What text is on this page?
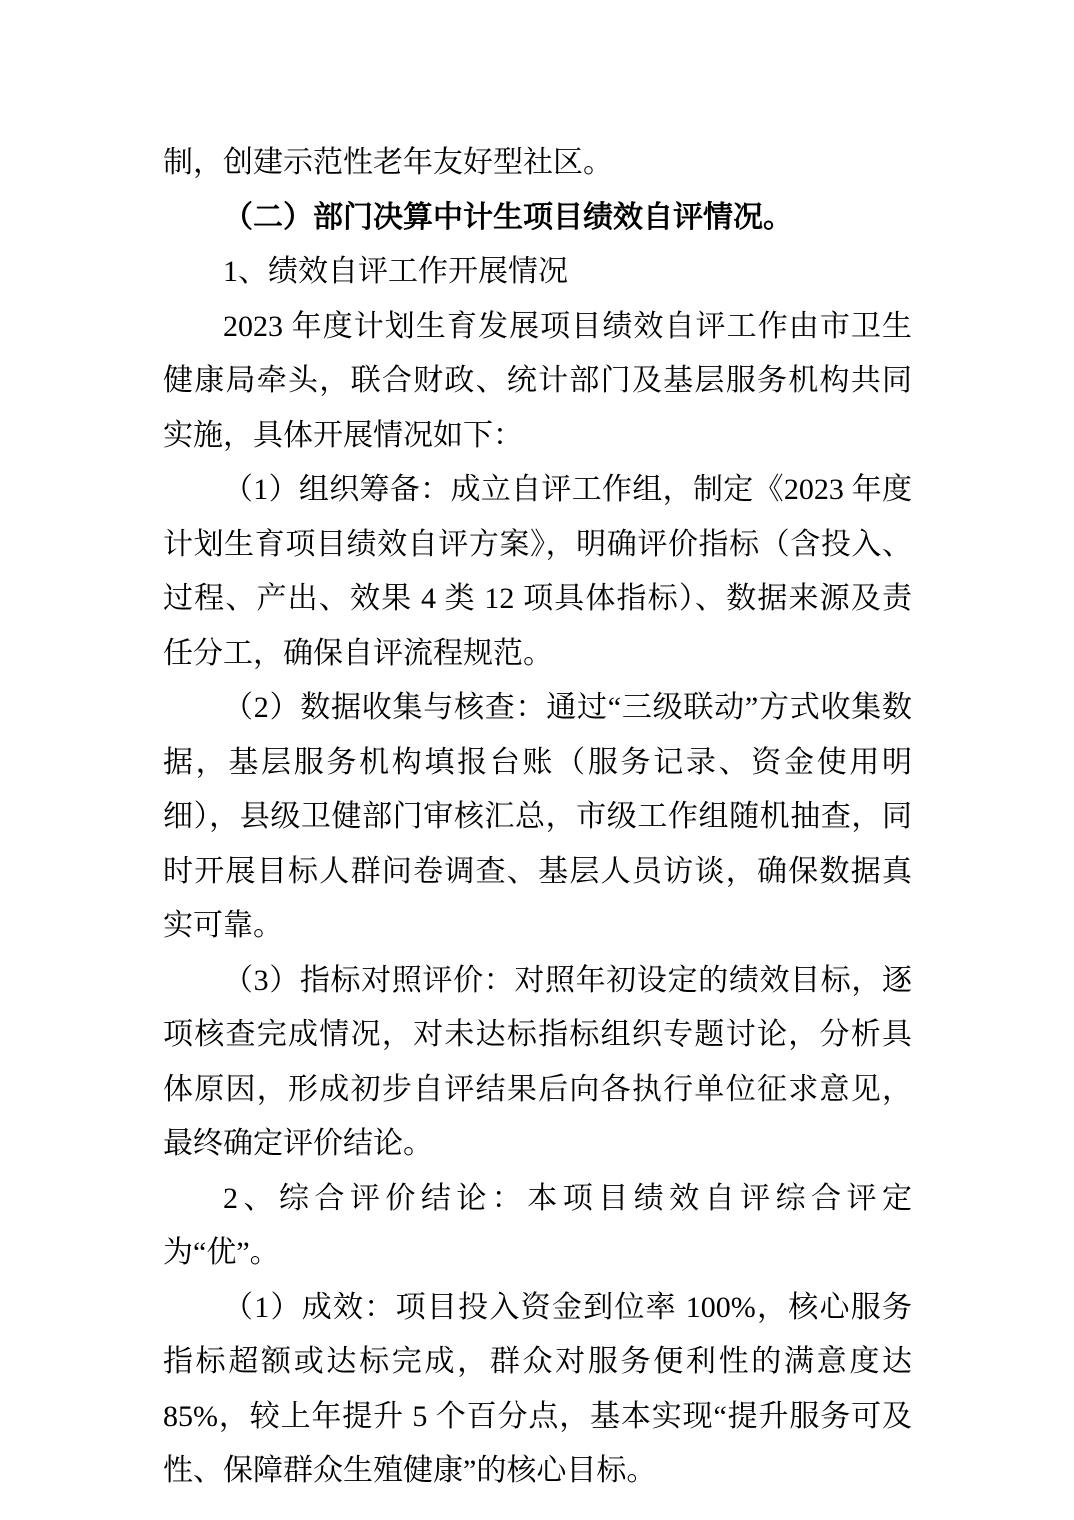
制，创建示范性老年友好型社区。

（二）部门决算中计生项目绩效自评情况。

1、绩效自评工作开展情况

2023 年度计划生育发展项目绩效自评工作由市卫生健康局牵头，联合财政、统计部门及基层服务机构共同实施，具体开展情况如下：

（1）组织筹备：成立自评工作组，制定《2023 年度计划生育项目绩效自评方案》，明确评价指标（含投入、过程、产出、效果 4 类 12 项具体指标）、数据来源及责任分工，确保自评流程规范。

（2）数据收集与核查：通过“三级联动”方式收集数据，基层服务机构填报台账（服务记录、资金使用明细），县级卫健部门审核汇总，市级工作组随机抽查，同时开展目标人群问卷调查、基层人员访谈，确保数据真实可靠。

（3）指标对照评价：对照年初设定的绩效目标，逐项核查完成情况，对未达标指标组织专题讨论，分析具体原因，形成初步自评结果后向各执行单位征求意见，最终确定评价结论。

2、综合评价结论：本项目绩效自评综合评定为“优”。

（1）成效：项目投入资金到位率 100%，核心服务指标超额或达标完成，群众对服务便利性的满意度达 85%，较上年提升 5 个百分点，基本实现“提升服务可及性、保障群众生殖健康”的核心目标。
